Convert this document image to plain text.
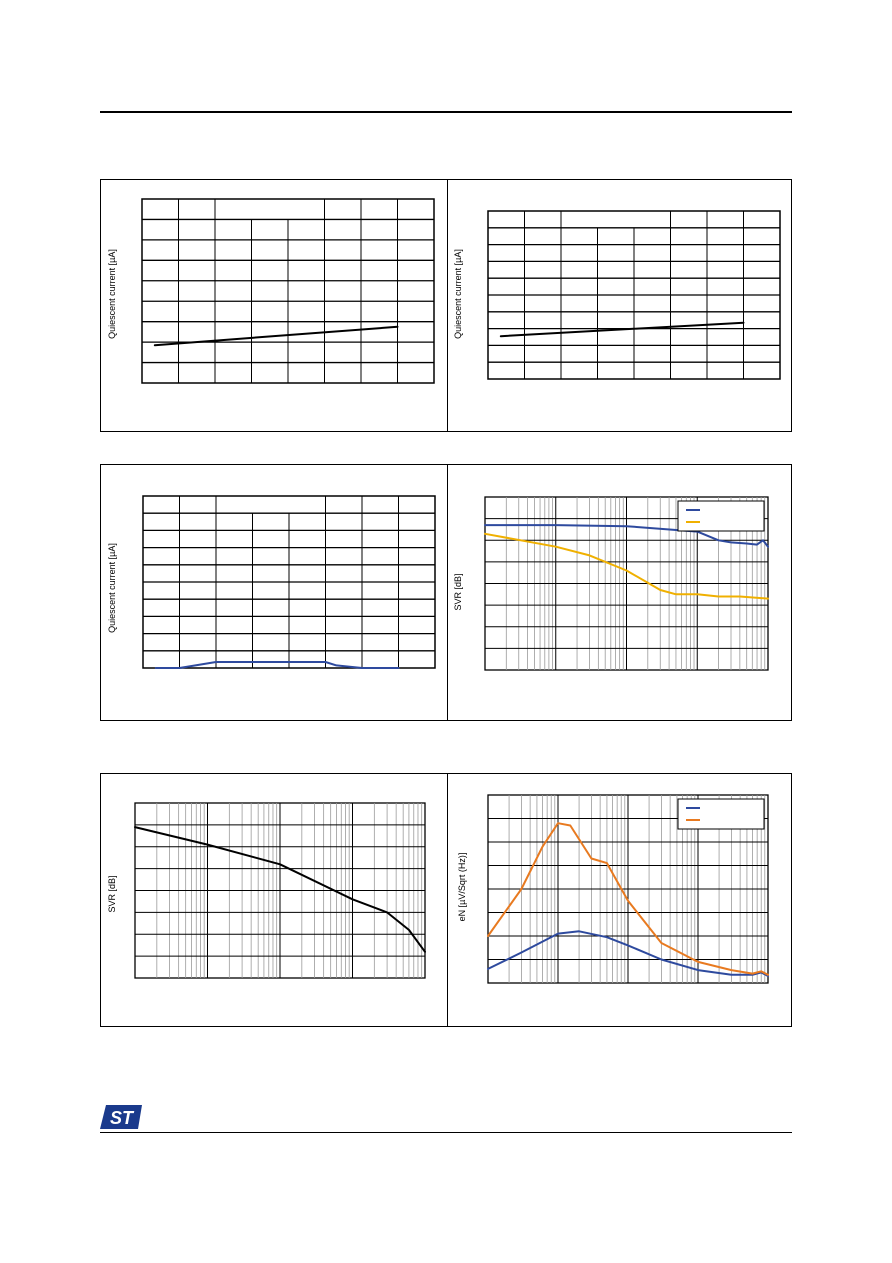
Quiescent current [µA]	Quiescent current [µA]
Quiescent current [µA]	SVR [dB]
SVR [dB]	eN [µV/Sqrt (Hz)]
ST
